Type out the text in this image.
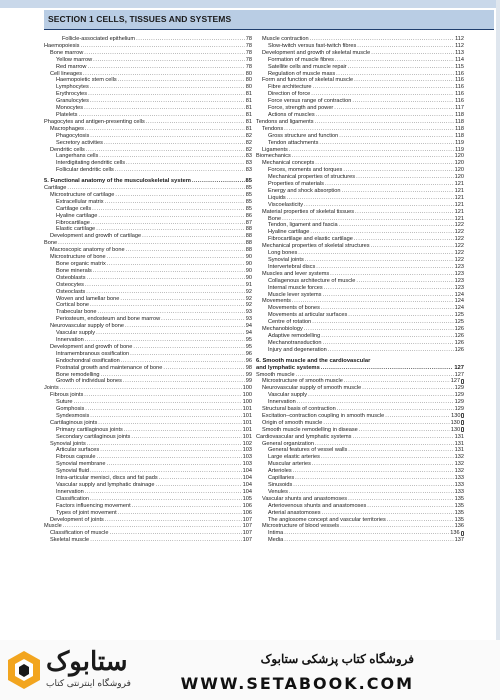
SECTION 1 CELLS, TISSUES AND SYSTEMS
Follicle-associated epithelium .....	78
Haemopoiesis .....	78
Bone marrow .....	78
Yellow marrow .....	78
Red marrow .....	78
Cell lineages .....	80
Haemopoietic stem cells .....	80
Lymphocytes .....	80
Erythrocytes .....	81
Granulocytes .....	81
Monocytes .....	81
Platelets .....	81
Phagocytes and antigen-presenting cells .....	81
Macrophages .....	81
Phagocytosis .....	82
Secretory activities .....	82
Dendritic cells .....	82
Langerhans cells .....	83
Interdigitating dendritic cells .....	83
Follicular dendritic cells .....	83
5. Functional anatomy of the musculoskeletal system .....	85
Cartilage .....	85
Microstructure of cartilage .....	85
Extracellular matrix .....	85
Cartilage cells .....	85
Hyaline cartilage .....	86
Fibrocartilage .....	87
Elastic cartilage .....	88
Development and growth of cartilage .....	88
Bone .....	88
Macroscopic anatomy of bone .....	88
Microstructure of bone .....	90
Bone organic matrix .....	90
Bone minerals .....	90
Osteoblasts .....	90
Osteocytes .....	91
Osteoclasts .....	92
Woven and lamellar bone .....	92
Cortical bone .....	92
Trabecular bone .....	93
Periosteum, endosteum and bone marrow .....	93
Neurovascular supply of bone .....	94
Vascular supply .....	94
Innervation .....	95
Development and growth of bone .....	95
Intramembranous ossification .....	96
Endochondral ossification .....	96
Postnatal growth and maintenance of bone .....	98
Bone remodelling .....	99
Growth of individual bones .....	99
Joints .....	100
Fibrous joints .....	100
Suture .....	100
Gomphosis .....	101
Syndesmosis .....	101
Cartilaginous joints .....	101
Primary cartilaginous joints .....	101
Secondary cartilaginous joints .....	101
Synovial joints .....	102
Articular surfaces .....	103
Fibrous capsule .....	103
Synovial membrane .....	103
Synovial fluid .....	104
Intra-articular menisci, discs and fat pads .....	104
Vascular supply and lymphatic drainage .....	104
Innervation .....	104
Classification .....	105
Factors influencing movement .....	106
Types of joint movement .....	106
Development of joints .....	107
Muscle .....	107
Classification of muscle .....	107
Skeletal muscle .....	107
Muscle contraction .....	112
Slow-twitch versus fast-twitch fibres .....	112
Development and growth of skeletal muscle .....	113
Formation of muscle fibres .....	114
Satellite cells and muscle repair .....	115
Regulation of muscle mass .....	116
Form and function of skeletal muscle .....	116
Fibre architecture .....	116
Direction of force .....	116
Force versus range of contraction .....	116
Force, strength and power .....	117
Actions of muscles .....	118
Tendons and ligaments .....	118
Tendons .....	118
Gross structure and function .....	118
Tendon attachments .....	119
Ligaments .....	119
Biomechanics .....	120
Mechanical concepts .....	120
Forces, moments and torques .....	120
Mechanical properties of structures .....	120
Properties of materials .....	121
Energy and shock absorption .....	121
Liquids .....	121
Viscoelasticity .....	121
Material properties of skeletal tissues .....	121
Bone .....	121
Tendon, ligament and fascia .....	122
Hyaline cartilage .....	122
Fibrocartilage and elastic cartilage .....	122
Mechanical properties of skeletal structures .....	122
Long bones .....	122
Synovial joints .....	122
Intervertebral discs .....	123
Muscles and lever systems .....	123
Collagenous architecture of muscle .....	123
Internal muscle forces .....	123
Muscle lever systems .....	124
Movements .....	124
Movements of bones .....	124
Movements at articular surfaces .....	125
Centre of rotation .....	125
Mechanobiology .....	126
Adaptive remodelling .....	126
Mechanotransduction .....	126
Injury and degeneration .....	126
6. Smooth muscle and the cardiovascular
and lymphatic systems .....	127
Smooth muscle .....	127
Microstructure of smooth muscle .....	127
Neurovascular supply of smooth muscle .....	129
Vascular supply .....	129
Innervation .....	129
Structural basis of contraction .....	129
Excitation–contraction coupling in smooth muscle .....	130
Origin of smooth muscle .....	130
Smooth muscle remodelling in disease .....	130
Cardiovascular and lymphatic systems .....	131
General organization .....	131
General features of vessel walls .....	131
Large elastic arteries .....	132
Muscular arteries .....	132
Arterioles .....	132
Capillaries .....	133
Sinusoids .....	133
Venules .....	133
Vascular shunts and anastomoses .....	135
Arteriovenous shunts and anastomoses .....	135
Arterial anastomoses .....	135
The angiosome concept and vascular territories .....	135
Microstructure of blood vessels .....	136
Intima .....	136
Media .....	137
ستابوک
فروشگاه اینترنتی کتاب
فروشگاه کتاب پزشکی ستابوک
WWW.SETABOOK.COM
